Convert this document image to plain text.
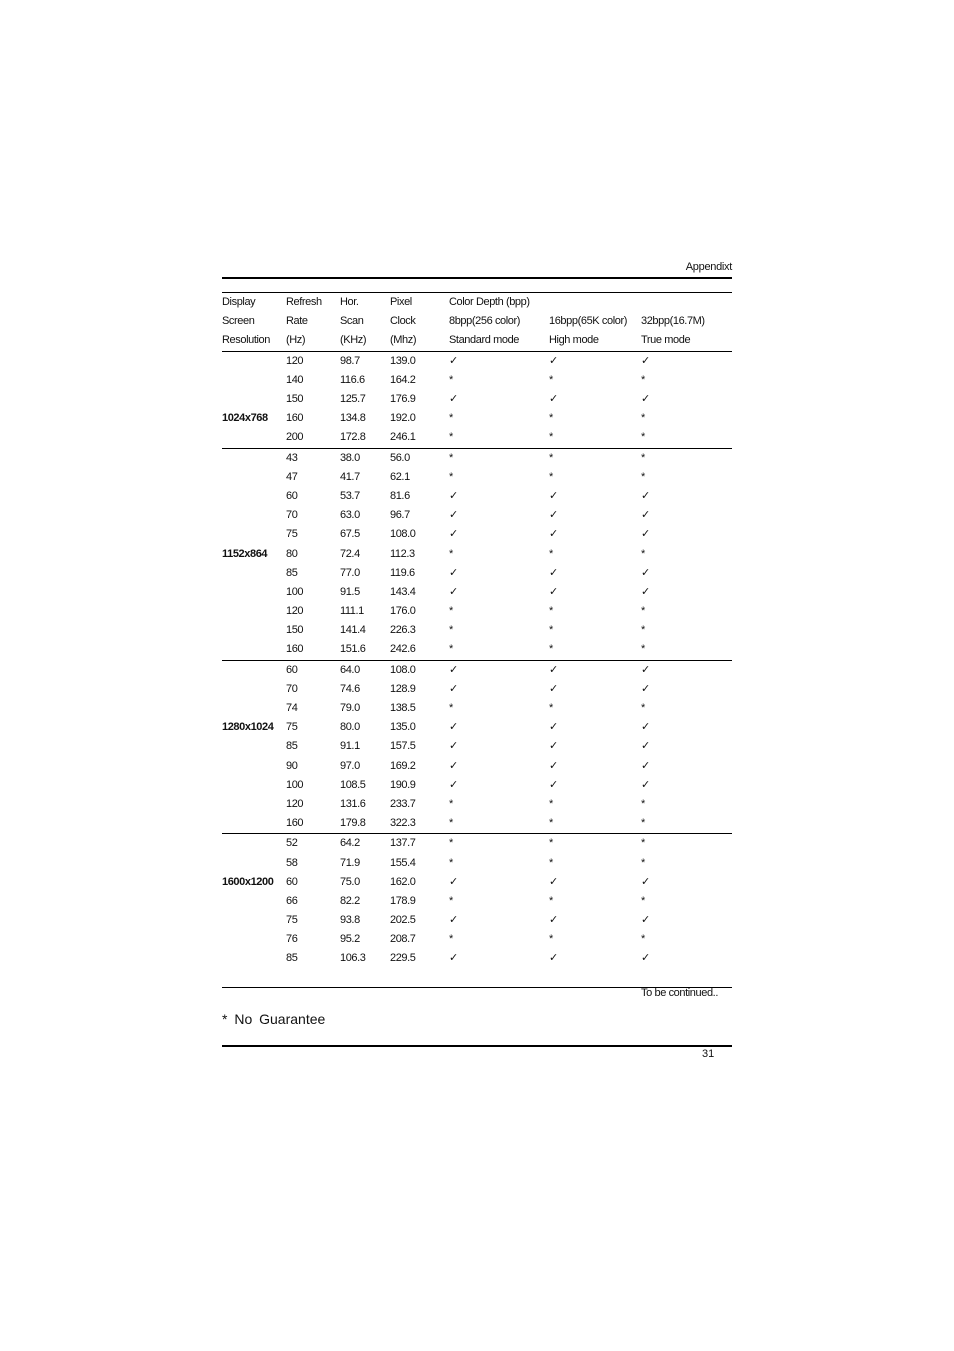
Appendixt
Display	Refresh	Hor.	Pixel	Color Depth (bpp)		
Screen	Rate	Scan	Clock	8bpp(256 color)	16bpp(65K color)	32bpp(16.7M)
Resolution	(Hz)	(KHz)	(Mhz)	Standard mode	High mode	True mode
	120	98.7	139.0	✓	✓	✓
	140	116.6	164.2	*	*	*
	150	125.7	176.9	✓	✓	✓
1024x768	160	134.8	192.0	*	*	*
	200	172.8	246.1	*	*	*
	43	38.0	56.0	*	*	*
	47	41.7	62.1	*	*	*
	60	53.7	81.6	✓	✓	✓
	70	63.0	96.7	✓	✓	✓
	75	67.5	108.0	✓	✓	✓
1152x864	80	72.4	112.3	*	*	*
	85	77.0	119.6	✓	✓	✓
	100	91.5	143.4	✓	✓	✓
	120	111.1	176.0	*	*	*
	150	141.4	226.3	*	*	*
	160	151.6	242.6	*	*	*
	60	64.0	108.0	✓	✓	✓
	70	74.6	128.9	✓	✓	✓
	74	79.0	138.5	*	*	*
1280x1024	75	80.0	135.0	✓	✓	✓
	85	91.1	157.5	✓	✓	✓
	90	97.0	169.2	✓	✓	✓
	100	108.5	190.9	✓	✓	✓
	120	131.6	233.7	*	*	*
	160	179.8	322.3	*	*	*
	52	64.2	137.7	*	*	*
	58	71.9	155.4	*	*	*
1600x1200	60	75.0	162.0	✓	✓	✓
	66	82.2	178.9	*	*	*
	75	93.8	202.5	✓	✓	✓
	76	95.2	208.7	*	*	*
	85	106.3	229.5	✓	✓	✓
To be continued..
* No Guarantee
31
